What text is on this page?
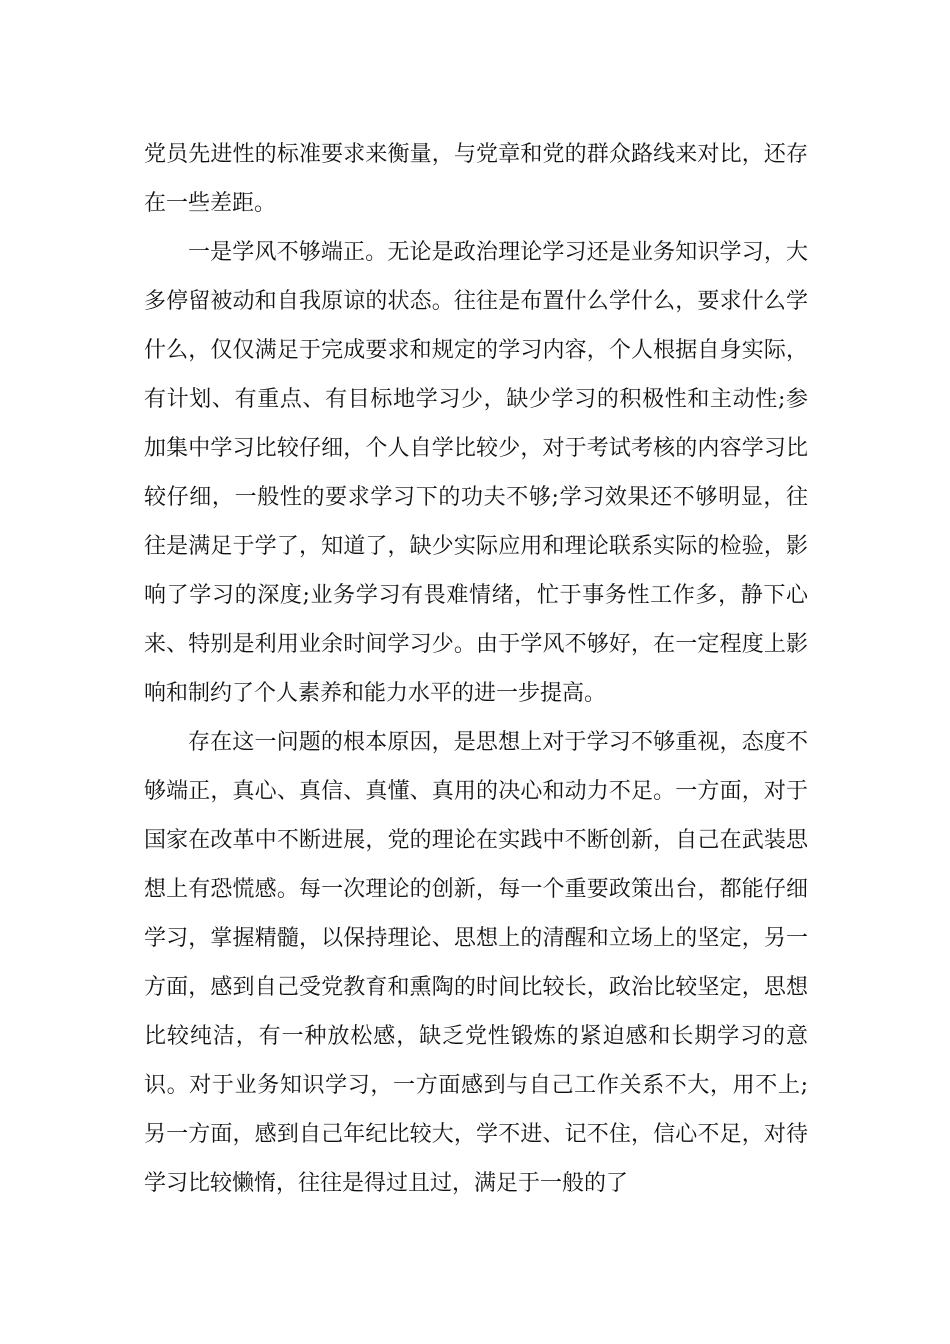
党员先进性的标准要求来衡量，与党章和党的群众路线来对比，还存在一些差距。

一是学风不够端正。无论是政治理论学习还是业务知识学习，大多停留被动和自我原谅的状态。往往是布置什么学什么，要求什么学什么，仅仅满足于完成要求和规定的学习内容，个人根据自身实际，有计划、有重点、有目标地学习少，缺少学习的积极性和主动性;参加集中学习比较仔细，个人自学比较少，对于考试考核的内容学习比较仔细，一般性的要求学习下的功夫不够;学习效果还不够明显，往往是满足于学了，知道了，缺少实际应用和理论联系实际的检验，影响了学习的深度;业务学习有畏难情绪，忙于事务性工作多，静下心来、特别是利用业余时间学习少。由于学风不够好，在一定程度上影响和制约了个人素养和能力水平的进一步提高。

存在这一问题的根本原因，是思想上对于学习不够重视，态度不够端正，真心、真信、真懂、真用的决心和动力不足。一方面，对于国家在改革中不断进展，党的理论在实践中不断创新，自己在武装思想上有恐慌感。每一次理论的创新，每一个重要政策出台，都能仔细学习，掌握精髓，以保持理论、思想上的清醒和立场上的坚定，另一方面，感到自己受党教育和熏陶的时间比较长，政治比较坚定，思想比较纯洁，有一种放松感，缺乏党性锻炼的紧迫感和长期学习的意识。对于业务知识学习，一方面感到与自己工作关系不大，用不上;另一方面，感到自己年纪比较大，学不进、记不住，信心不足，对待学习比较懒惰，往往是得过且过，满足于一般的了
